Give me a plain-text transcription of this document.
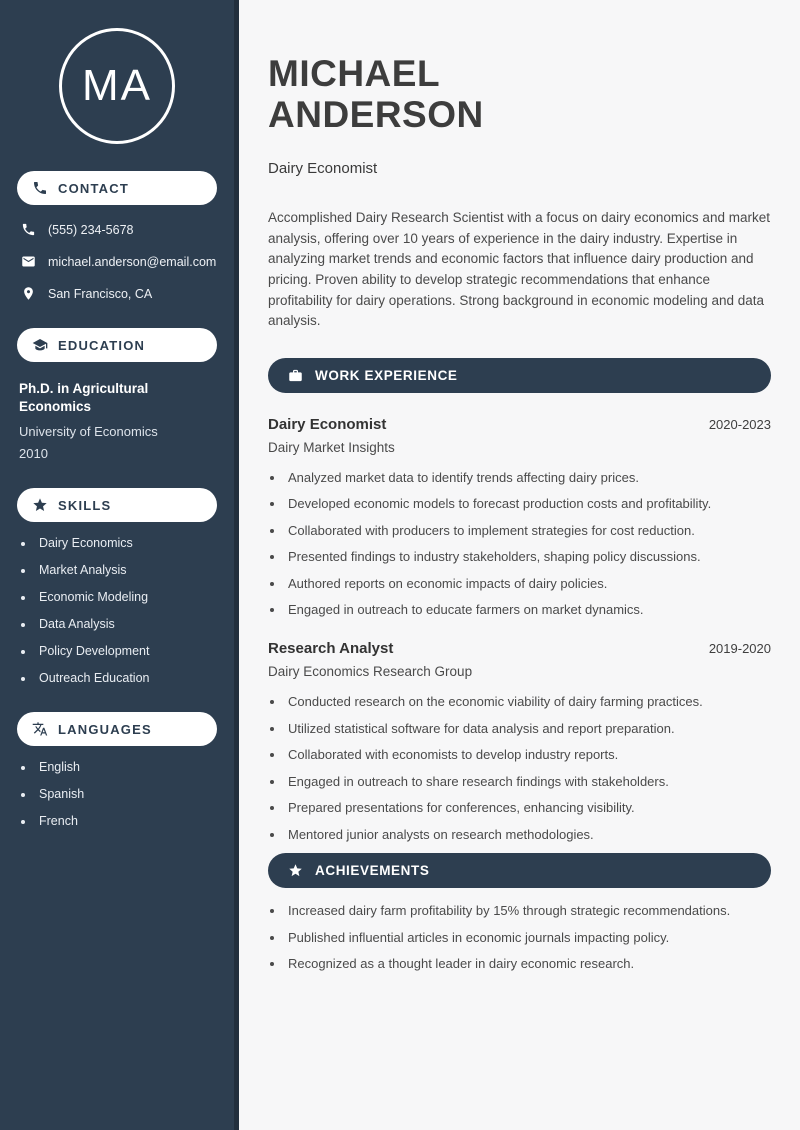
MA
CONTACT
(555) 234-5678
michael.anderson@email.com
San Francisco, CA
EDUCATION
Ph.D. in Agricultural Economics
University of Economics
2010
SKILLS
• Dairy Economics
• Market Analysis
• Economic Modeling
• Data Analysis
• Policy Development
• Outreach Education
LANGUAGES
• English
• Spanish
• French
MICHAEL
ANDERSON
Dairy Economist

Accomplished Dairy Research Scientist with a focus on dairy economics and market analysis, offering over 10 years of experience in the dairy industry. Expertise in analyzing market trends and economic factors that influence dairy production and pricing. Proven ability to develop strategic recommendations that enhance profitability for dairy operations. Strong background in economic modeling and data analysis.

WORK EXPERIENCE
Dairy Economist	2020-2023
Dairy Market Insights
• Analyzed market data to identify trends affecting dairy prices.
• Developed economic models to forecast production costs and profitability.
• Collaborated with producers to implement strategies for cost reduction.
• Presented findings to industry stakeholders, shaping policy discussions.
• Authored reports on economic impacts of dairy policies.
• Engaged in outreach to educate farmers on market dynamics.
Research Analyst	2019-2020
Dairy Economics Research Group
• Conducted research on the economic viability of dairy farming practices.
• Utilized statistical software for data analysis and report preparation.
• Collaborated with economists to develop industry reports.
• Engaged in outreach to share research findings with stakeholders.
• Prepared presentations for conferences, enhancing visibility.
• Mentored junior analysts on research methodologies.
ACHIEVEMENTS
• Increased dairy farm profitability by 15% through strategic recommendations.
• Published influential articles in economic journals impacting policy.
• Recognized as a thought leader in dairy economic research.
